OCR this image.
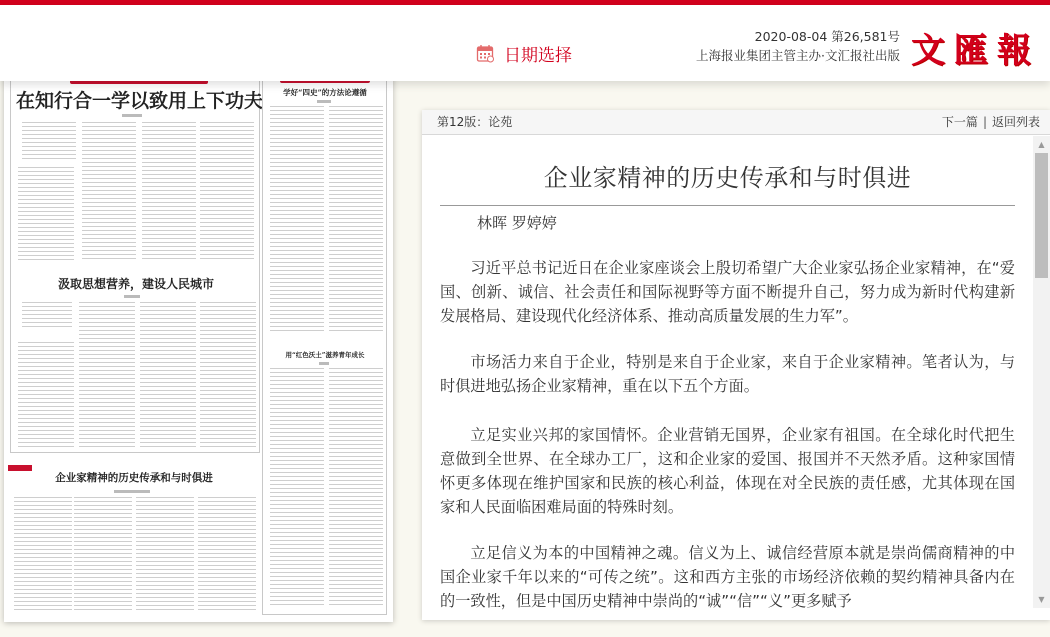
日期选择
2020-08-04 第26,581号
上海报业集团主管主办·文汇报社出版 文匯報
在知行合一学以致用上下功夫
汲取思想营养，建设人民城市
学好“四史”的方法论遵循
用“红色沃土”滋养青年成长
企业家精神的历史传承和与时俱进
第12版：论苑	下一篇 | 返回列表
企业家精神的历史传承和与时俱进
林晖 罗婷婷

习近平总书记近日在企业家座谈会上殷切希望广大企业家弘扬企业家精神，在“爱国、创新、诚信、社会责任和国际视野等方面不断提升自己，努力成为新时代构建新发展格局、建设现代化经济体系、推动高质量发展的生力军”。

市场活力来自于企业，特别是来自于企业家，来自于企业家精神。笔者认为，与时俱进地弘扬企业家精神，重在以下五个方面。

立足实业兴邦的家国情怀。企业营销无国界，企业家有祖国。在全球化时代把生意做到全世界、在全球办工厂，这和企业家的爱国、报国并不天然矛盾。这种家国情怀更多体现在维护国家和民族的核心利益，体现在对全民族的责任感，尤其体现在国家和人民面临困难局面的特殊时刻。

立足信义为本的中国精神之魂。信义为上、诚信经营原本就是崇尚儒商精神的中国企业家千年以来的“可传之统”。这和西方主张的市场经济依赖的契约精神具备内在的一致性，但是中国历史精神中崇尚的“诚”“信”“义”更多赋予

▲
▼
